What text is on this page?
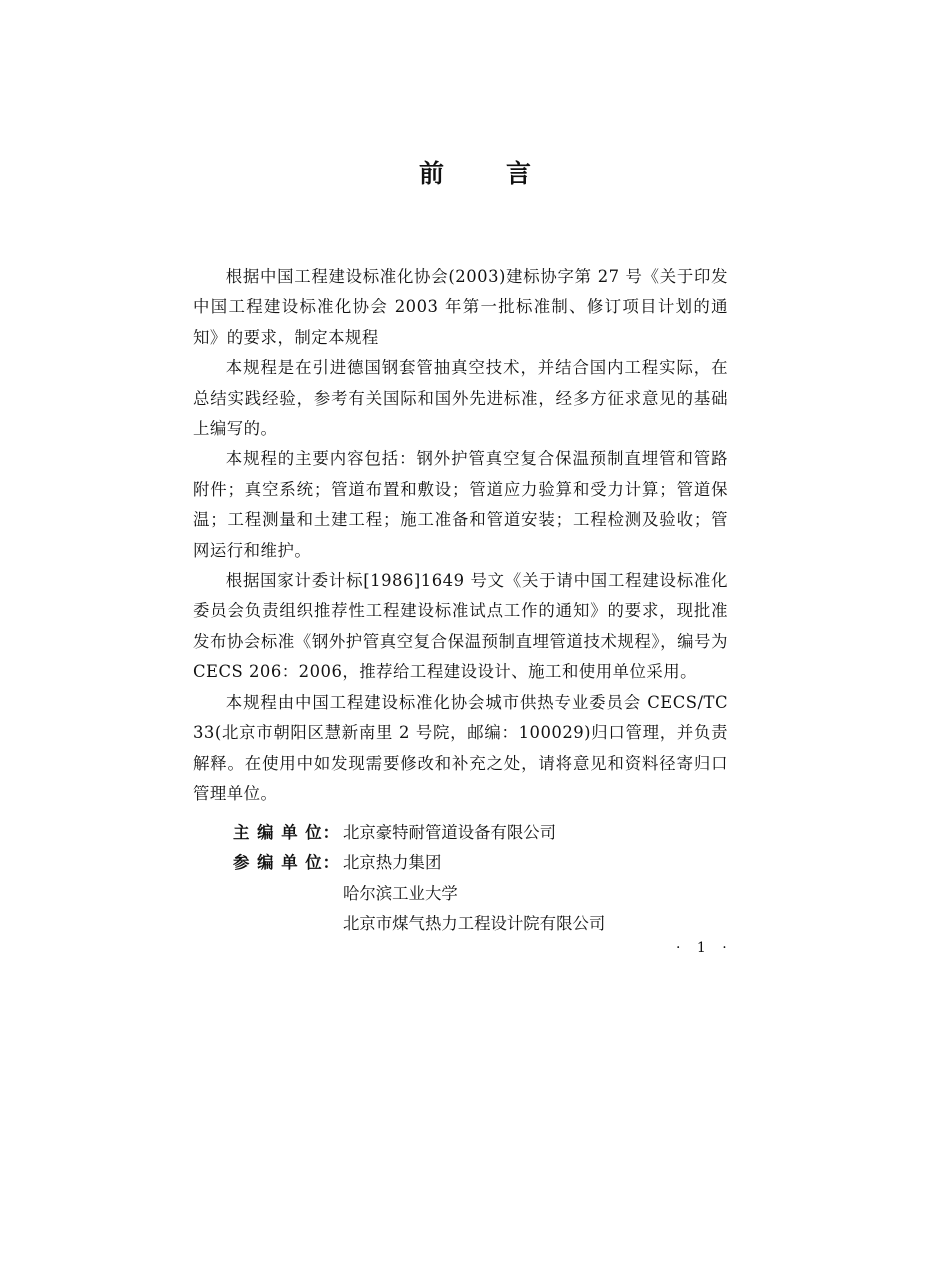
前 言

根据中国工程建设标准化协会(2003)建标协字第 27 号《关于印发中国工程建设标准化协会 2003 年第一批标准制、修订项目计划的通知》的要求，制定本规程

本规程是在引进德国钢套管抽真空技术，并结合国内工程实际，在总结实践经验，参考有关国际和国外先进标准，经多方征求意见的基础上编写的。

本规程的主要内容包括：钢外护管真空复合保温预制直埋管和管路附件；真空系统；管道布置和敷设；管道应力验算和受力计算；管道保温；工程测量和土建工程；施工准备和管道安装；工程检测及验收；管网运行和维护。

根据国家计委计标[1986]1649 号文《关于请中国工程建设标准化委员会负责组织推荐性工程建设标准试点工作的通知》的要求，现批准发布协会标准《钢外护管真空复合保温预制直埋管道技术规程》，编号为 CECS 206：2006，推荐给工程建设设计、施工和使用单位采用。

本规程由中国工程建设标准化协会城市供热专业委员会 CECS/TC 33(北京市朝阳区慧新南里 2 号院，邮编：100029)归口管理，并负责解释。在使用中如发现需要修改和补充之处，请将意见和资料径寄归口管理单位。

主 编 单 位： 北京豪特耐管道设备有限公司
参 编 单 位： 北京热力集团
哈尔滨工业大学
北京市煤气热力工程设计院有限公司
· 1 ·
